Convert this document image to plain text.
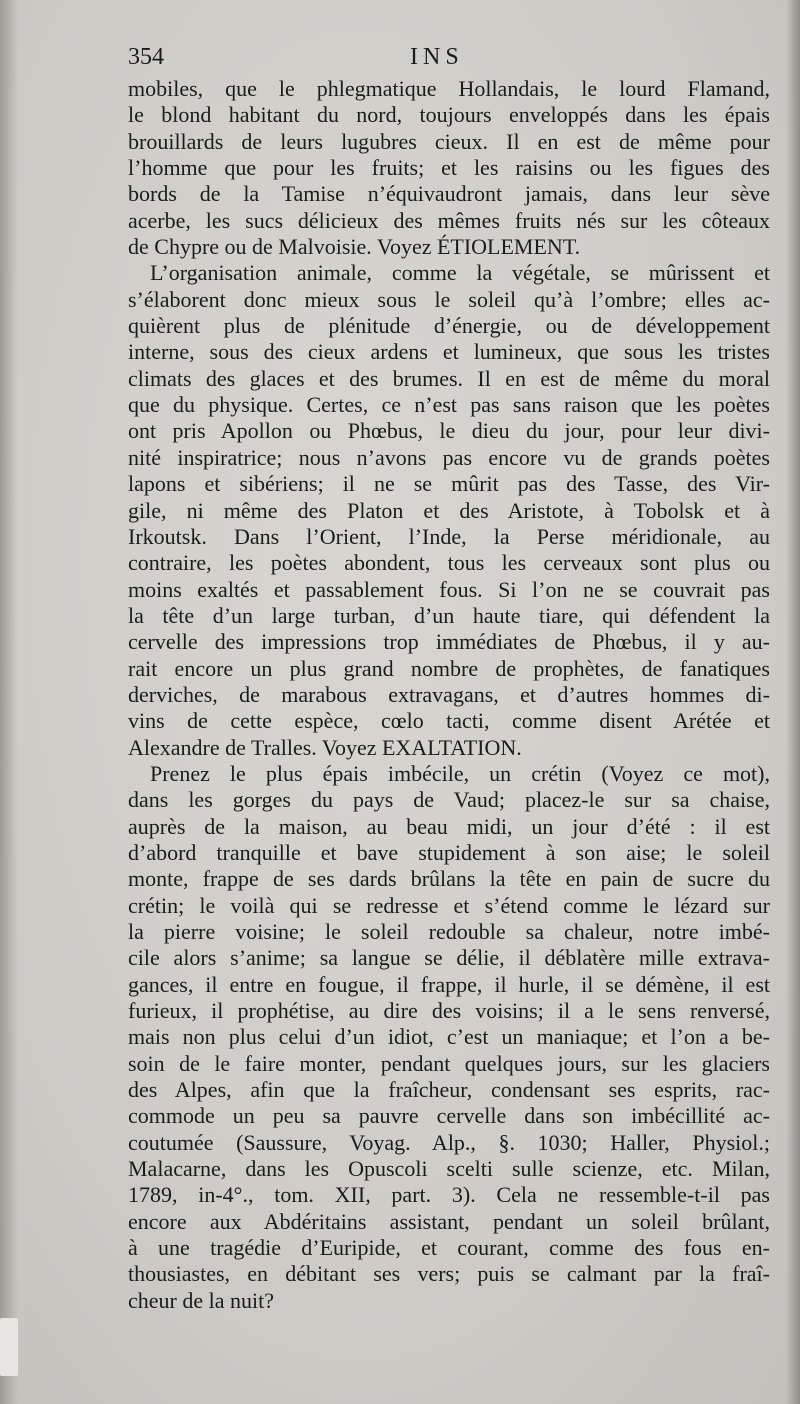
354	INS
mobiles, que le phlegmatique Hollandais, le lourd Flamand,
le blond habitant du nord, toujours enveloppés dans les épais
brouillards de leurs lugubres cieux. Il en est de même pour
l’homme que pour les fruits; et les raisins ou les figues des
bords de la Tamise n’équivaudront jamais, dans leur sève
acerbe, les sucs délicieux des mêmes fruits nés sur les côteaux
de Chypre ou de Malvoisie. Voyez ÉTIOLEMENT.
L’organisation animale, comme la végétale, se mûrissent et
s’élaborent donc mieux sous le soleil qu’à l’ombre; elles ac-
quièrent plus de plénitude d’énergie, ou de développement
interne, sous des cieux ardens et lumineux, que sous les tristes
climats des glaces et des brumes. Il en est de même du moral
que du physique. Certes, ce n’est pas sans raison que les poètes
ont pris Apollon ou Phœbus, le dieu du jour, pour leur divi-
nité inspiratrice; nous n’avons pas encore vu de grands poètes
lapons et sibériens; il ne se mûrit pas des Tasse, des Vir-
gile, ni même des Platon et des Aristote, à Tobolsk et à
Irkoutsk. Dans l’Orient, l’Inde, la Perse méridionale, au
contraire, les poètes abondent, tous les cerveaux sont plus ou
moins exaltés et passablement fous. Si l’on ne se couvrait pas
la tête d’un large turban, d’un haute tiare, qui défendent la
cervelle des impressions trop immédiates de Phœbus, il y au-
rait encore un plus grand nombre de prophètes, de fanatiques
derviches, de marabous extravagans, et d’autres hommes di-
vins de cette espèce, cœlo tacti, comme disent Arétée et
Alexandre de Tralles. Voyez EXALTATION.
Prenez le plus épais imbécile, un crétin (Voyez ce mot),
dans les gorges du pays de Vaud; placez-le sur sa chaise,
auprès de la maison, au beau midi, un jour d’été : il est
d’abord tranquille et bave stupidement à son aise; le soleil
monte, frappe de ses dards brûlans la tête en pain de sucre du
crétin; le voilà qui se redresse et s’étend comme le lézard sur
la pierre voisine; le soleil redouble sa chaleur, notre imbé-
cile alors s’anime; sa langue se délie, il déblatère mille extrava-
gances, il entre en fougue, il frappe, il hurle, il se démène, il est
furieux, il prophétise, au dire des voisins; il a le sens renversé,
mais non plus celui d’un idiot, c’est un maniaque; et l’on a be-
soin de le faire monter, pendant quelques jours, sur les glaciers
des Alpes, afin que la fraîcheur, condensant ses esprits, rac-
commode un peu sa pauvre cervelle dans son imbécillité ac-
coutumée (Saussure, Voyag. Alp., §. 1030; Haller, Physiol.;
Malacarne, dans les Opuscoli scelti sulle scienze, etc. Milan,
1789, in-4°., tom. XII, part. 3). Cela ne ressemble-t-il pas
encore aux Abdéritains assistant, pendant un soleil brûlant,
à une tragédie d’Euripide, et courant, comme des fous en-
thousiastes, en débitant ses vers; puis se calmant par la fraî-
cheur de la nuit?
